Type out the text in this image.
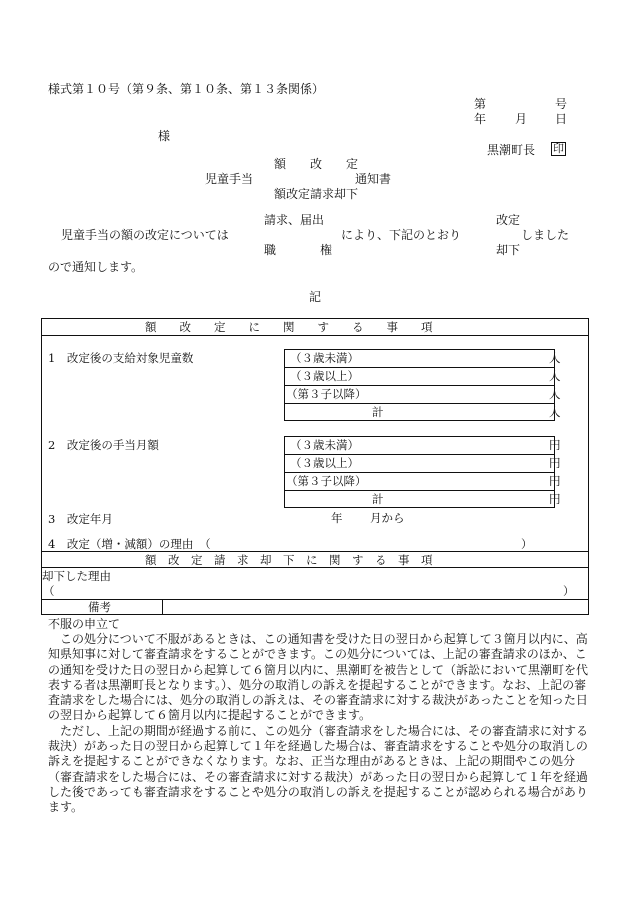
様式第１０号（第９条、第１０条、第１３条関係）
第	号
年 月 日
様
黒潮町長 印
額　　改　　定
児童手当	通知書
額改定請求却下
請求、届出	改定
児童手当の額の改定については	により、下記のとおり	しました
職	権	却下
ので通知します。
記
額　　改　　定　　に　　関　　す　　る　　事　　項
1　改定後の支給対象児童数	（３歳未満）	人
（３歳以上）	人
（第３子以降）	人
計	人
2　改定後の手当月額	（３歳未満）	円
（３歳以上）	円
（第３子以降）	円
計	円
3　改定年月	年 月から
4　改定（増・減額）の理由　（	）
額　改　定　請　求　却　下　に　関　す　る　事　項
却下した理由
（	）
備考
不服の申立て

この処分について不服があるときは、この通知書を受けた日の翌日から起算して３箇月以内に、高知県知事に対して審査請求をすることができます。この処分については、上記の審査請求のほか、この通知を受けた日の翌日から起算して６箇月以内に、黒潮町を被告として（訴訟において黒潮町を代表する者は黒潮町長となります。）、処分の取消しの訴えを提起することができます。なお、上記の審査請求をした場合には、処分の取消しの訴えは、その審査請求に対する裁決があったことを知った日の翌日から起算して６箇月以内に提起することができます。

ただし、上記の期間が経過する前に、この処分（審査請求をした場合には、その審査請求に対する裁決）があった日の翌日から起算して１年を経過した場合は、審査請求をすることや処分の取消しの訴えを提起することができなくなります。なお、正当な理由があるときは、上記の期間やこの処分（審査請求をした場合には、その審査請求に対する裁決）があった日の翌日から起算して１年を経過した後であっても審査請求をすることや処分の取消しの訴えを提起することが認められる場合があります。
